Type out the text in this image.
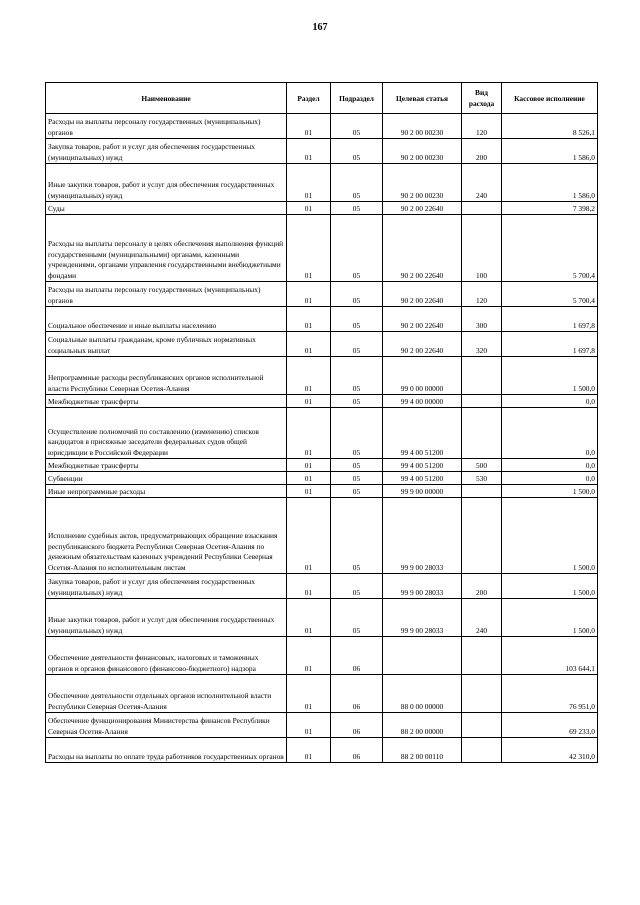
167
Наименование	Раздел	Подраздел	Целевая статья	Вид расхода	Кассовое исполнение
Расходы на выплаты персоналу государственных (муниципальных) органов	01	05	90 2 00 00230	120	8 526,1
Закупка товаров, работ и услуг для обеспечения государственных (муниципальных) нужд	01	05	90 2 00 00230	200	1 586,0
Иные закупки товаров, работ и услуг для обеспечения государственных (муниципальных) нужд	01	05	90 2 00 00230	240	1 586,0
Суды	01	05	90 2 00 22640		7 398,2
Расходы на выплаты персоналу в целях обеспечения выполнения функций государственными (муниципальными) органами, казенными учреждениями, органами управления государственными внебюджетными фондами	01	05	90 2 00 22640	100	5 700,4
Расходы на выплаты персоналу государственных (муниципальных) органов	01	05	90 2 00 22640	120	5 700,4
Социальное обеспечение и иные выплаты населению	01	05	90 2 00 22640	300	1 697,8
Социальные выплаты гражданам, кроме публичных нормативных социальных выплат	01	05	90 2 00 22640	320	1 697,8
Непрограммные расходы республиканских органов исполнительной власти Республики Северная Осетия-Алания	01	05	99 0 00 00000		1 500,0
Межбюджетные трансферты	01	05	99 4 00 00000		0,0
Осуществление полномочий по составлению (изменению) списков кандидатов в присяжные заседатели федеральных судов общей юрисдикции в Российской Федерации	01	05	99 4 00 51200		0,0
Межбюджетные трансферты	01	05	99 4 00 51200	500	0,0
Субвенции	01	05	99 4 00 51200	530	0,0
Иные непрограммные расходы	01	05	99 9 00 00000		1 500,0
Исполнение судебных актов, предусматривающих обращение взыскания республиканского бюджета Республики Северная Осетия-Алания по денежным обязательствам казенных учреждений Республики Северная Осетия-Алания по исполнительным листам	01	05	99 9 00 28033		1 500,0
Закупка товаров, работ и услуг для обеспечения государственных (муниципальных) нужд	01	05	99 9 00 28033	200	1 500,0
Иные закупки товаров, работ и услуг для обеспечения государственных (муниципальных) нужд	01	05	99 9 00 28033	240	1 500,0
Обеспечение деятельности финансовых, налоговых и таможенных органов и органов финансового (финансово-бюджетного) надзора	01	06			103 644,1
Обеспечение деятельности отдельных органов исполнительной власти Республики Северная Осетия-Алания	01	06	88 0 00 00000		76 951,0
Обеспечение функционирования Министерства финансов Республики Северная Осетия-Алания	01	06	88 2 00 00000		69 233,0
Расходы на выплаты по оплате труда работников государственных органов	01	06	88 2 00 00110		42 310,0
